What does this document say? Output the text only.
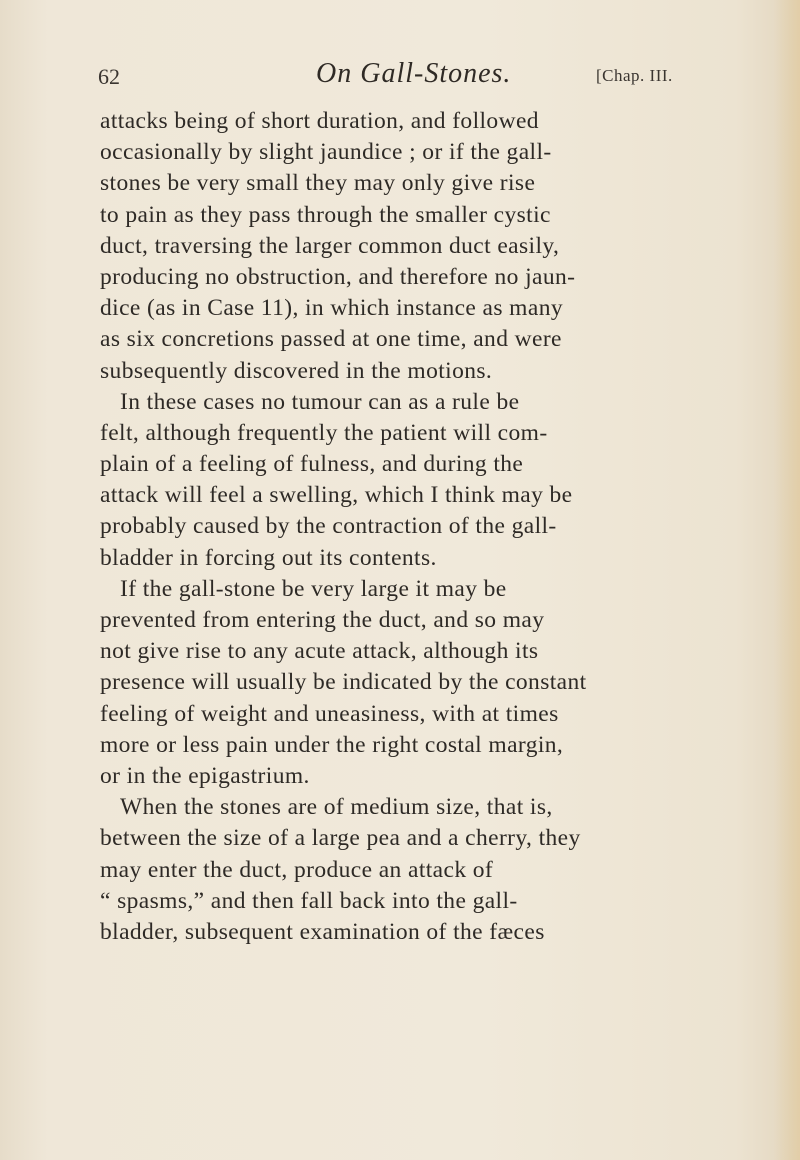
62	On Gall-Stones.	[Chap. III.
attacks being of short duration, and followed
occasionally by slight jaundice ; or if the gall-
stones be very small they may only give rise
to pain as they pass through the smaller cystic
duct, traversing the larger common duct easily,
producing no obstruction, and therefore no jaun-
dice (as in Case 11), in which instance as many
as six concretions passed at one time, and were
subsequently discovered in the motions.
In these cases no tumour can as a rule be
felt, although frequently the patient will com-
plain of a feeling of fulness, and during the
attack will feel a swelling, which I think may be
probably caused by the contraction of the gall-
bladder in forcing out its contents.
If the gall-stone be very large it may be
prevented from entering the duct, and so may
not give rise to any acute attack, although its
presence will usually be indicated by the constant
feeling of weight and uneasiness, with at times
more or less pain under the right costal margin,
or in the epigastrium.
When the stones are of medium size, that is,
between the size of a large pea and a cherry, they
may enter the duct, produce an attack of
“ spasms,” and then fall back into the gall-
bladder, subsequent examination of the fæces
